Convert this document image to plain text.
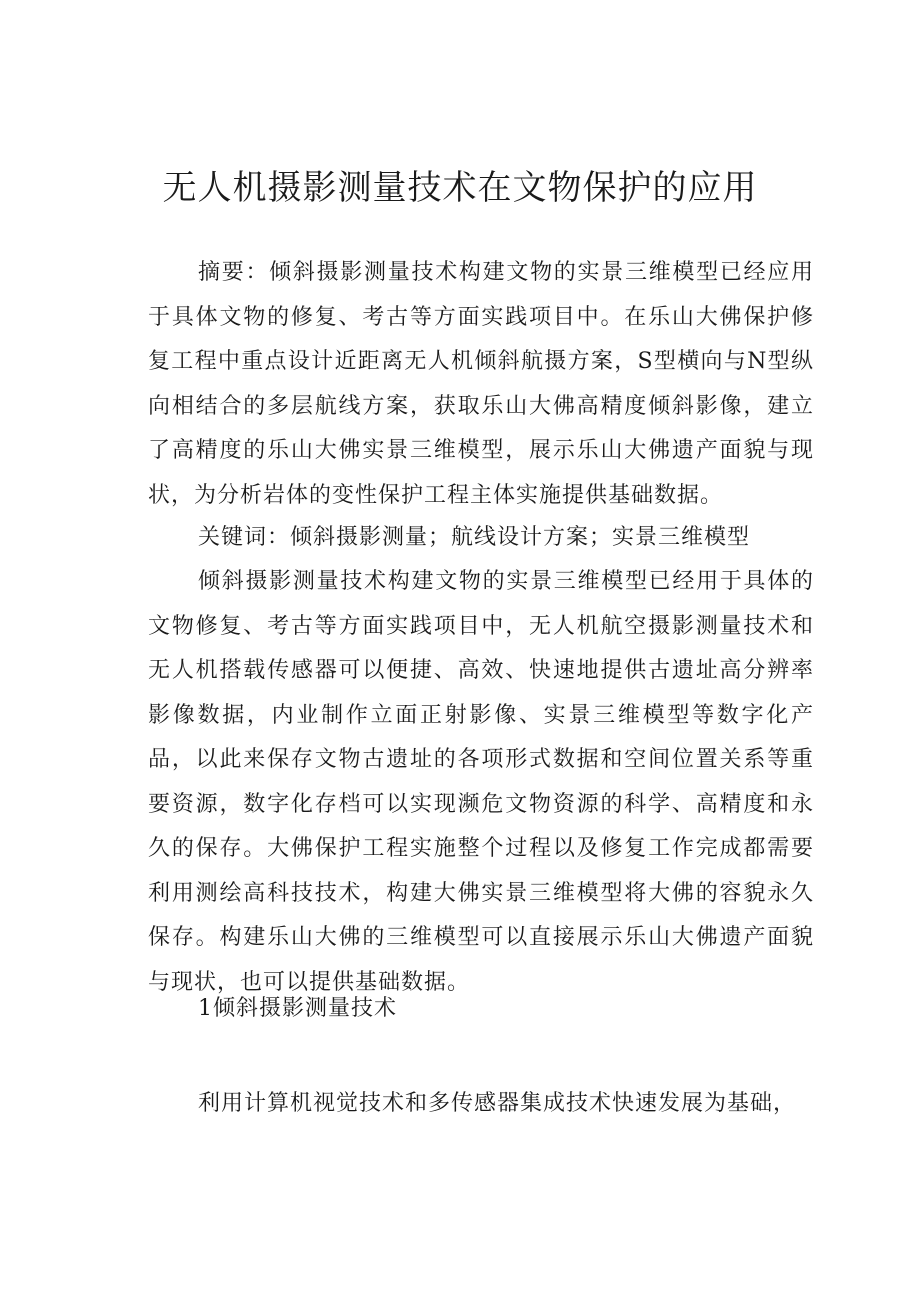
无人机摄影测量技术在文物保护的应用

摘要：倾斜摄影测量技术构建文物的实景三维模型已经应用于具体文物的修复、考古等方面实践项目中。在乐山大佛保护修复工程中重点设计近距离无人机倾斜航摄方案，S型横向与N型纵向相结合的多层航线方案，获取乐山大佛高精度倾斜影像，建立了高精度的乐山大佛实景三维模型，展示乐山大佛遗产面貌与现状，为分析岩体的变性保护工程主体实施提供基础数据。

关键词：倾斜摄影测量；航线设计方案；实景三维模型

倾斜摄影测量技术构建文物的实景三维模型已经用于具体的文物修复、考古等方面实践项目中，无人机航空摄影测量技术和无人机搭载传感器可以便捷、高效、快速地提供古遗址高分辨率影像数据，内业制作立面正射影像、实景三维模型等数字化产品，以此来保存文物古遗址的各项形式数据和空间位置关系等重要资源，数字化存档可以实现濒危文物资源的科学、高精度和永久的保存。大佛保护工程实施整个过程以及修复工作完成都需要利用测绘高科技技术，构建大佛实景三维模型将大佛的容貌永久保存。构建乐山大佛的三维模型可以直接展示乐山大佛遗产面貌与现状，也可以提供基础数据。

1倾斜摄影测量技术

利用计算机视觉技术和多传感器集成技术快速发展为基础，
